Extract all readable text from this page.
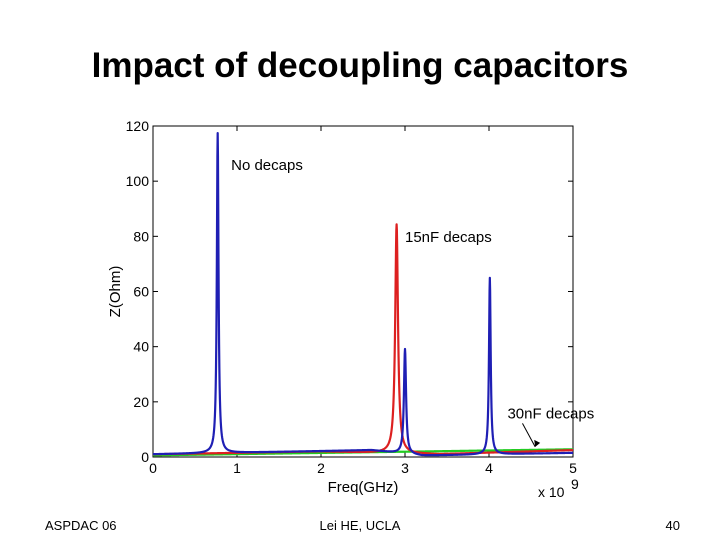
Impact of decoupling capacitors
0
20
40
60
80
100
120
0	1	2	3	4	5
Freq(GHz)
Z(Ohm)
x 10 9
No decaps
15nF decaps
30nF decaps
ASPDAC 06	Lei HE, UCLA	40
